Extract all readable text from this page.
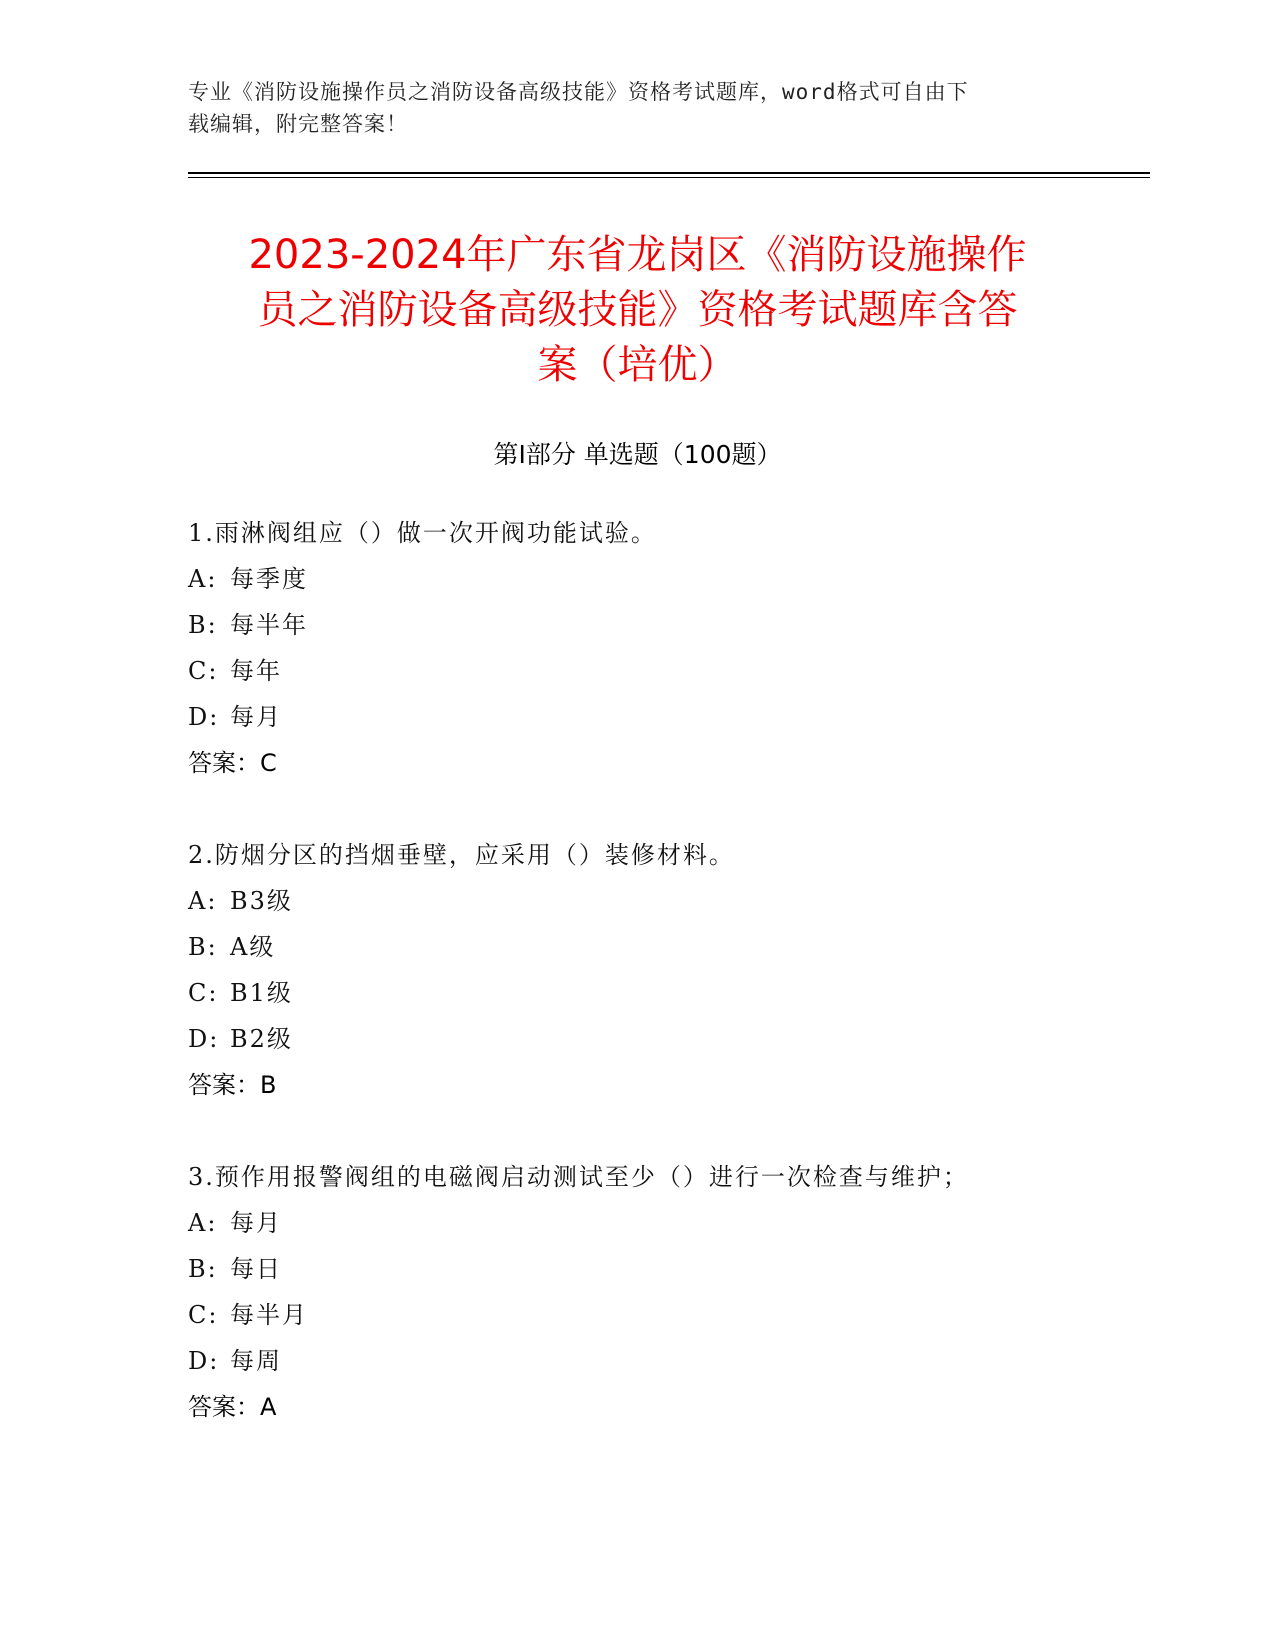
专业《消防设施操作员之消防设备高级技能》资格考试题库，word格式可自由下
载编辑，附完整答案！
2023-2024年广东省龙岗区《消防设施操作
员之消防设备高级技能》资格考试题库含答
案（培优）
第Ⅰ部分 单选题（100题）
1.雨淋阀组应（）做一次开阀功能试验。
A: 每季度
B: 每半年
C: 每年
D: 每月
答案：C
2.防烟分区的挡烟垂壁，应采用（）装修材料。
A: B3级
B: A级
C: B1级
D: B2级
答案：B
3.预作用报警阀组的电磁阀启动测试至少（）进行一次检查与维护；
A: 每月
B: 每日
C: 每半月
D: 每周
答案：A
